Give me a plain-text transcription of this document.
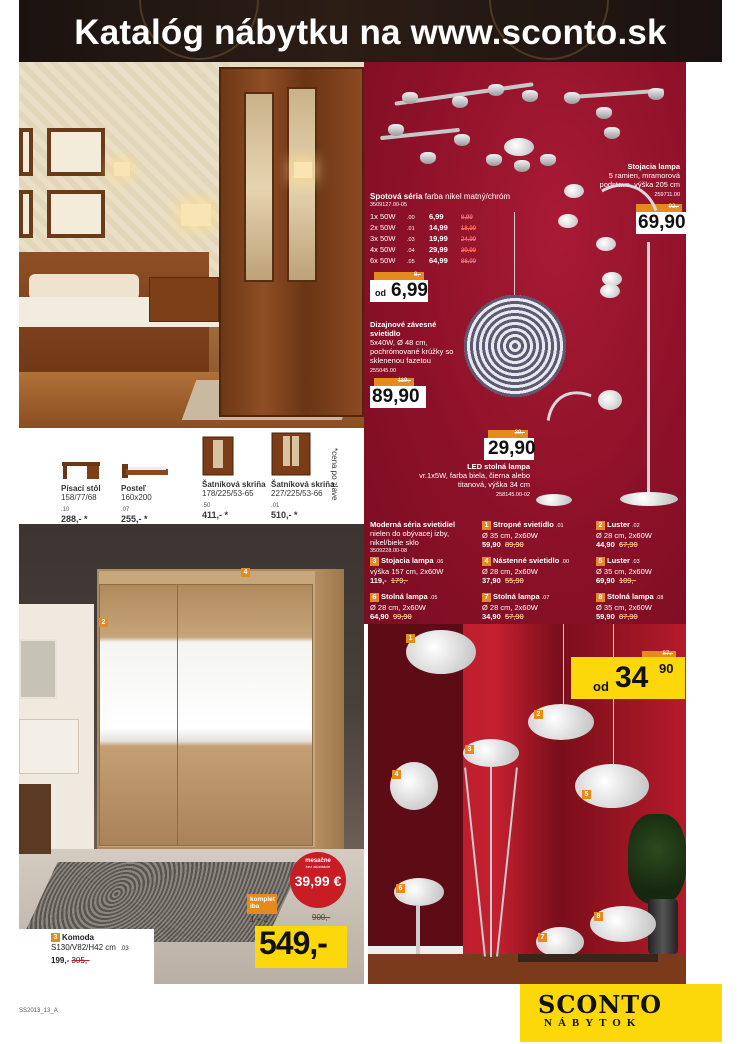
Katalóg nábytku na www.sconto.sk
Písací stôl
158/77/68
.10
288,- *
Posteľ
160x200
.07
255,- *
Šatníková skriňa
178/225/53-65
.50
411,- *
Šatníková skriňa
227/225/53-66
.01
510,- *
*cena po zlave
2
4
3 Komoda
S130/V82/H42 cm .03
199,- 305,-
mesačne
bez akontácie
39,99 €
komplet iba
1 + 2	900,-
549,-
Spotová séria farba nikel matný/chróm
3509127.00-05
1x 50W .00 6,99	8,99
2x 50W .01 14,99 18,99
3x 50W .03 19,99 24,99
4x 50W .04 29,99 39,99
6x 50W .05 64,99 86,99
8,-
od 6,99
Stojacia lampa
5 ramien, mramorová podstava, výška 205 cm
259711.00
92,-
69,90
Dizajnové závesné svietidlo
5x40W, Ø 48 cm, pochrómované krúžky so sklenenou fazetou
255045.00
119,-
89,90
39,-
29,90
LED stolná lampa
vr.1x5W, farba biela, čierna alebo titanová, výška 34 cm
258145.00-02
Moderná séria svietidiel
nielen do obývacej izby, nikel/biele sklo
3509228.00-08
1 Stropné svietidlo .01
Ø 35 cm, 2x60W
59,90 89,90
2 Luster .02
Ø 28 cm, 2x60W
44,90 67,90
3 Stojacia lampa .06
výška 157 cm, 2x60W
119,- 179,-
4 Nástenné svietidlo .00
Ø 28 cm, 2x60W
37,90 55,90
5 Luster .03
Ø 35 cm, 2x60W
69,90 109,-
6 Stolná lampa .05
Ø 28 cm, 2x60W
64,90 99,90
7 Stolná lampa .07
Ø 28 cm, 2x60W
34,90 57,90
8 Stolná lampa .08
Ø 35 cm, 2x60W
59,90 87,90
1
2
3
4
5
6
7
8
57,-
od 34 90
SS2013_13_A	SCONTO
NÁBYTOK
